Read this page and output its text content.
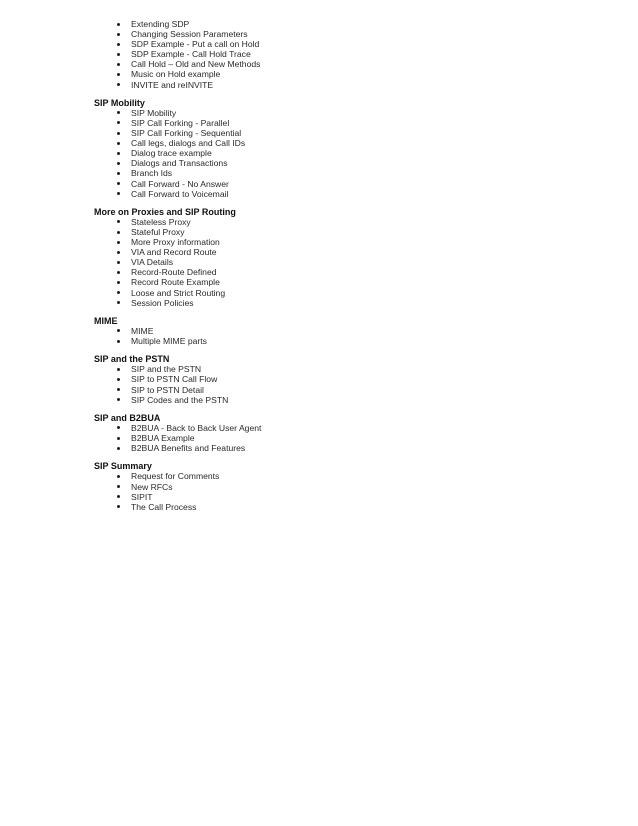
Extending SDP
Changing Session Parameters
SDP Example - Put a call on Hold
SDP Example - Call Hold Trace
Call Hold – Old and New Methods
Music on Hold example
INVITE and reINVITE

SIP Mobility

SIP Mobility
SIP Call Forking - Parallel
SIP Call Forking - Sequential
Call legs, dialogs and Call IDs
Dialog trace example
Dialogs and Transactions
Branch Ids
Call Forward - No Answer
Call Forward to Voicemail

More on Proxies and SIP Routing

Stateless Proxy
Stateful Proxy
More Proxy information
VIA and Record Route
VIA Details
Record-Route Defined
Record Route Example
Loose and Strict Routing
Session Policies

MIME

MIME
Multiple MIME parts

SIP and the PSTN

SIP and the PSTN
SIP to PSTN Call Flow
SIP to PSTN Detail
SIP Codes and the PSTN

SIP and B2BUA

B2BUA - Back to Back User Agent
B2BUA Example
B2BUA Benefits and Features

SIP Summary

Request for Comments
New RFCs
SIPIT
The Call Process
